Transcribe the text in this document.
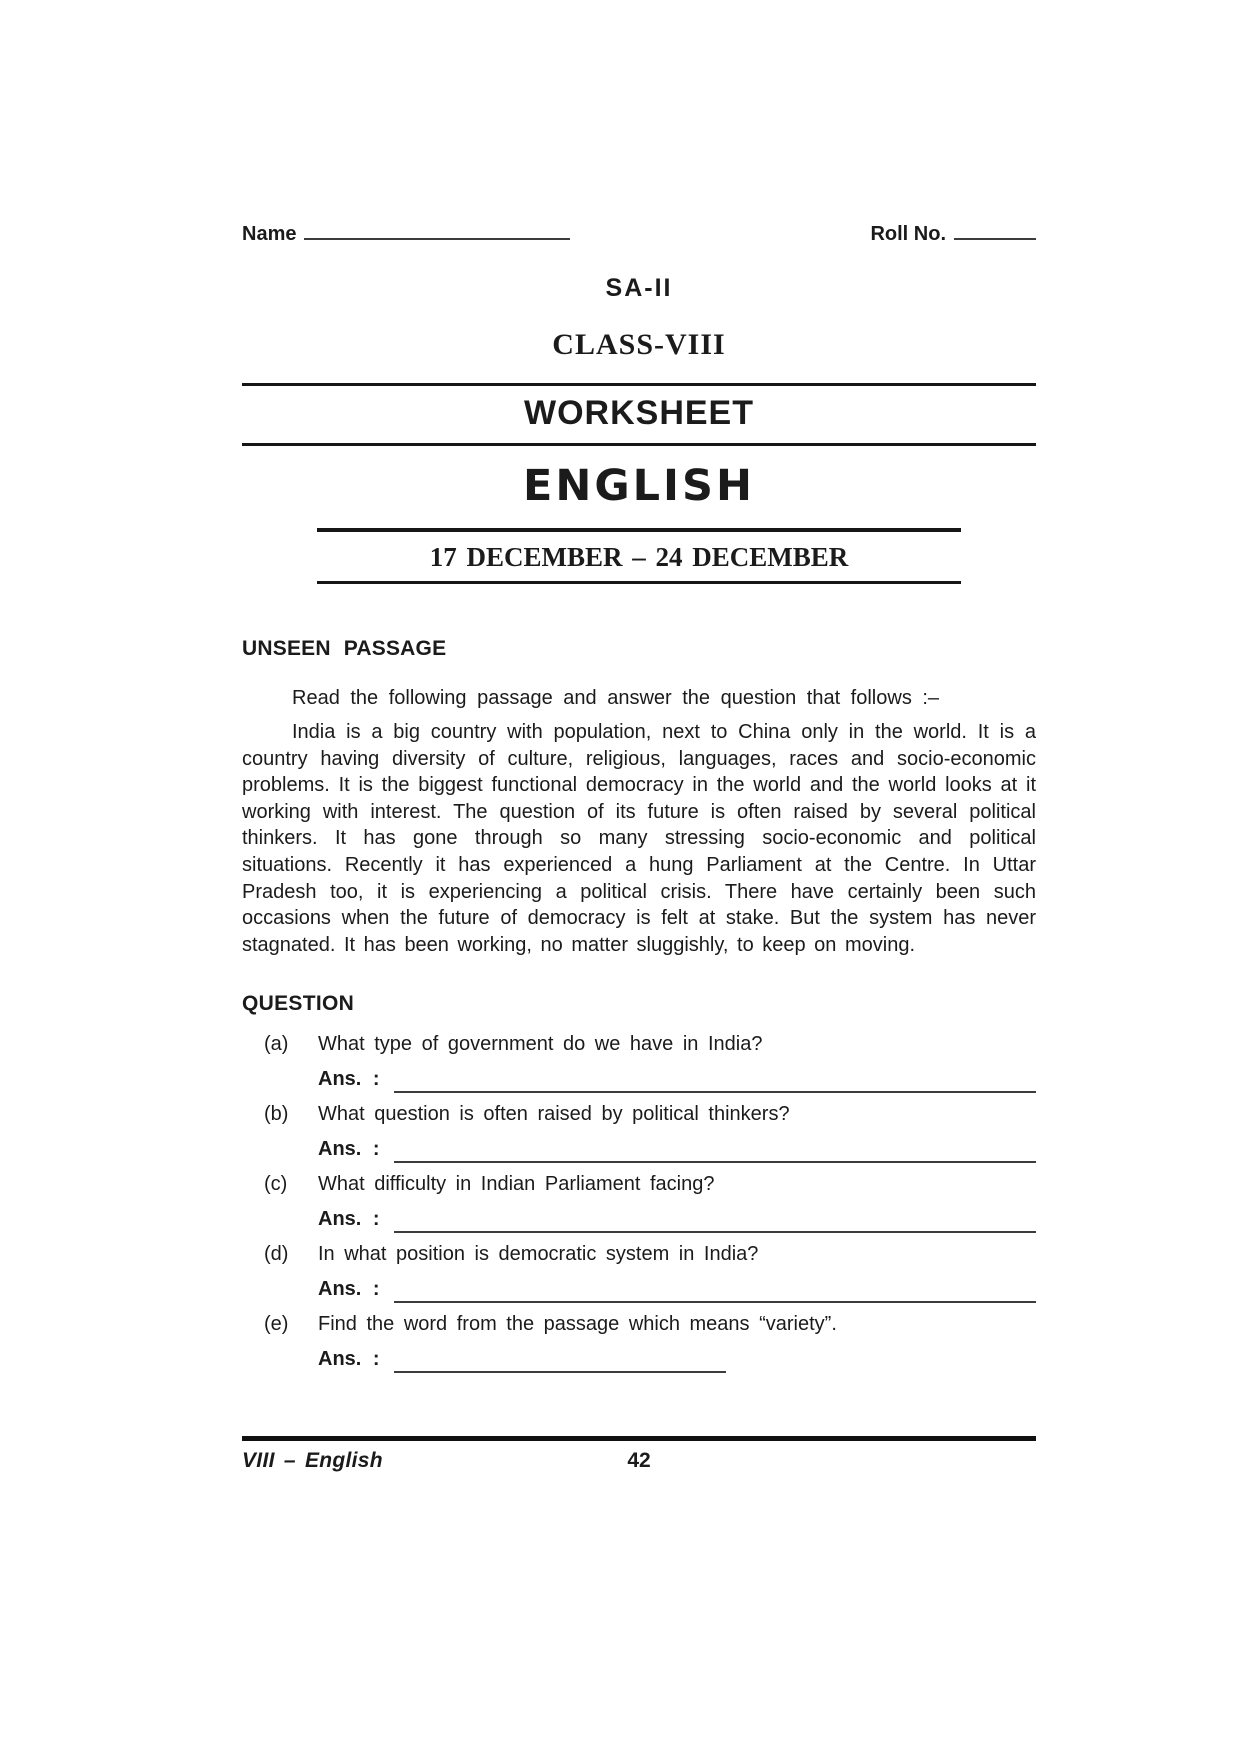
Name	Roll No.
SA-II
CLASS-VIII
WORKSHEET
ENGLISH
17 DECEMBER – 24 DECEMBER
UNSEEN PASSAGE

Read the following passage and answer the question that follows :–

India is a big country with population, next to China only in the world. It is a country having diversity of culture, religious, languages, races and socio-economic problems. It is the biggest functional democracy in the world and the world looks at it working with interest. The question of its future is often raised by several political thinkers. It has gone through so many stressing socio-economic and political situations. Recently it has experienced a hung Parliament at the Centre. In Uttar Pradesh too, it is experiencing a political crisis. There have certainly been such occasions when the future of democracy is felt at stake. But the system has never stagnated. It has been working, no matter sluggishly, to keep on moving.

QUESTION
(a)	What type of government do we have in India?
Ans. :
(b)	What question is often raised by political thinkers?
Ans. :
(c)	What difficulty in Indian Parliament facing?
Ans. :
(d)	In what position is democratic system in India?
Ans. :
(e)	Find the word from the passage which means “variety”.
Ans. :
VIII – English	42
